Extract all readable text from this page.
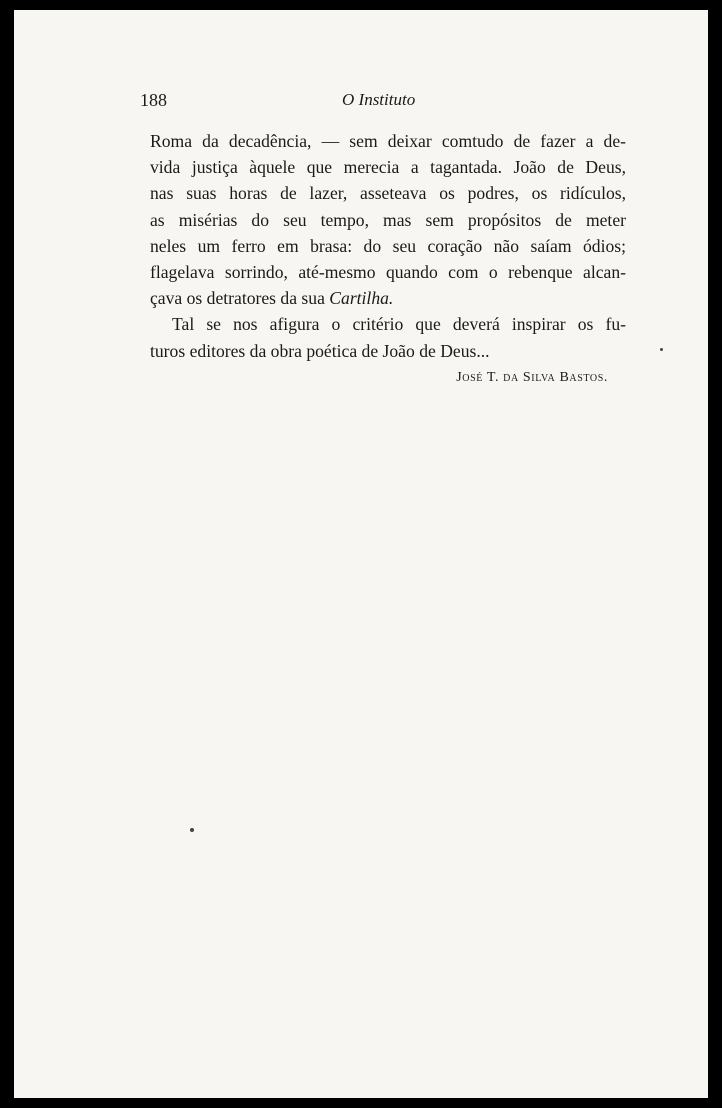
188	O Instituto
Roma da decadência, — sem deixar comtudo de fazer a de-
vida justiça àquele que merecia a tagantada. João de Deus,
nas suas horas de lazer, asseteava os podres, os ridículos,
as misérias do seu tempo, mas sem propósitos de meter
neles um ferro em brasa: do seu coração não saíam ódios;
flagelava sorrindo, até-mesmo quando com o rebenque alcan-
çava os detratores da sua Cartilha.
Tal se nos afigura o critério que deverá inspirar os fu-
turos editores da obra poética de João de Deus...
José T. da Silva Bastos.
